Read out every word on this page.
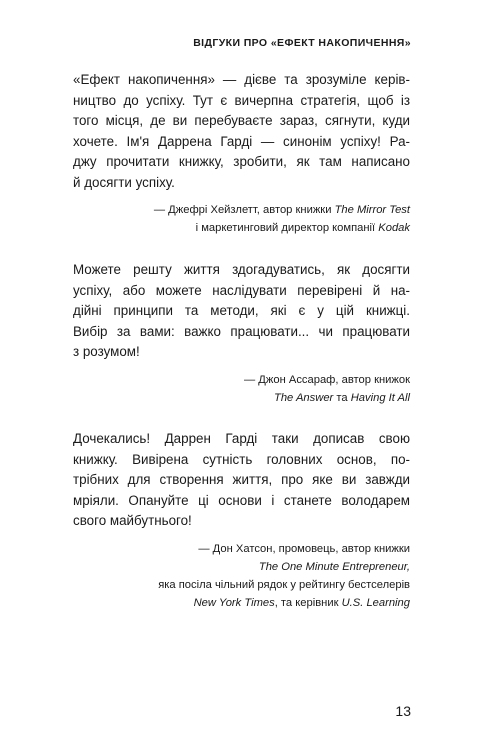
ВІДГУКИ ПРО «ЕФЕКТ НАКОПИЧЕННЯ»
«Ефект накопичення» — дієве та зрозуміле керів-
ництво до успіху. Тут є вичерпна стратегія, щоб із
того місця, де ви перебуваєте зараз, сягнути, куди
хочете. Ім'я Даррена Гарді — синонім успіху! Ра-
джу прочитати книжку, зробити, як там написано
й досягти успіху.
— Джефрі Хейзлетт, автор книжки The Mirror Test
і маркетинговий директор компанії Kodak
Можете решту життя здогадуватись, як досягти
успіху, або можете наслідувати перевірені й на-
дійні принципи та методи, які є у цій книжці.
Вибір за вами: важко працювати... чи працювати
з розумом!
— Джон Ассараф, автор книжок
The Answer та Having It All
Дочекались! Даррен Гарді таки дописав свою
книжку. Вивірена сутність головних основ, по-
трібних для створення життя, про яке ви завжди
мріяли. Опануйте ці основи і станете володарем
свого майбутнього!
— Дон Хатсон, промовець, автор книжки
The One Minute Entrepreneur,
яка посіла чільний рядок у рейтингу бестселерів
New York Times, та керівник U.S. Learning
13
